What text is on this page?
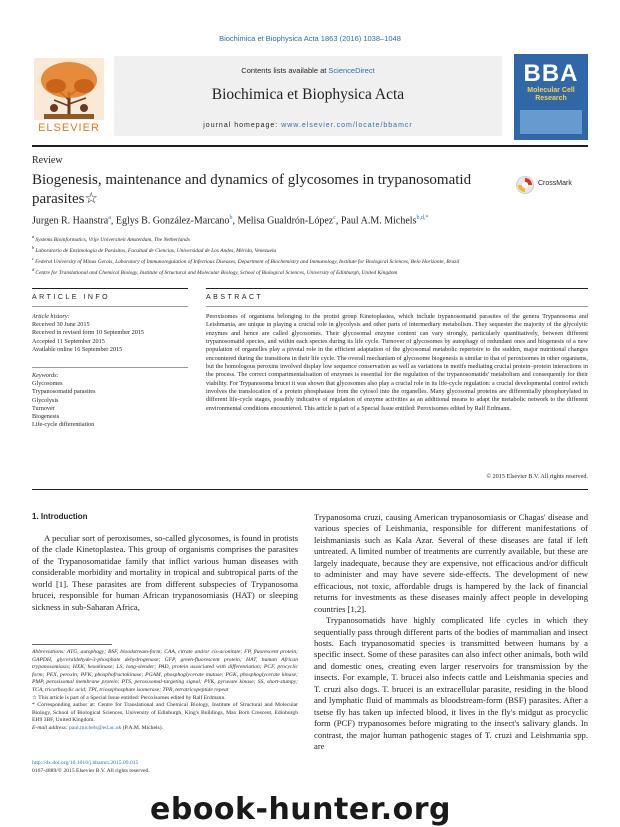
Biochimica et Biophysica Acta 1863 (2016) 1038–1048
ELSEVIER
Contents lists available at ScienceDirect
Biochimica et Biophysica Acta
journal homepage: www.elsevier.com/locate/bbamcr
BBA
Molecular Cell Research
Review
Biogenesis, maintenance and dynamics of glycosomes in trypanosomatid parasites☆
CrossMark
Jurgen R. Haanstra$^a$, Eglys B. González-Marcano$^b$, Melisa Gualdrón-López$^c$, Paul A.M. Michels$^{b,d,*}$
$^a$ Systems Bioinformatics, Vrije Universiteit Amsterdam, The Netherlands
$^b$ Laboratorio de Enzimología de Parásitos, Facultad de Ciencias, Universidad de Los Andes, Mérida, Venezuela
$^c$ Federal University of Minas Gerais, Laboratory of Immunoregulation of Infectious Diseases, Department of Biochemistry and Immunology, Institute for Biological Sciences, Belo Horizonte, Brazil
$^d$ Centre for Translational and Chemical Biology, Institute of Structural and Molecular Biology, School of Biological Sciences, University of Edinburgh, United Kingdom
ARTICLE INFO	ABSTRACT
Article history:
Received 30 June 2015
Received in revised form 10 September 2015
Accepted 11 September 2015
Available online 16 September 2015
Keywords:
Glycosomes
Trypanosomatid parasites
Glycolysis
Turnover
Biogenesis
Life-cycle differentiation
Peroxisomes of organisms belonging to the protist group Kinetoplastea, which include trypanosomatid parasites of the genera Trypanosoma and Leishmania, are unique in playing a crucial role in glycolysis and other parts of intermediary metabolism. They sequester the majority of the glycolytic enzymes and hence are called glycosomes. Their glycosomal enzyme content can vary strongly, particularly quantitatively, between different trypanosomatid species, and within each species during its life cycle. Turnover of glycosomes by autophagy of redundant ones and biogenesis of a new population of organelles play a pivotal role in the efficient adaptation of the glycosomal metabolic repertoire to the sudden, major nutritional changes encountered during the transitions in their life cycle. The overall mechanism of glycosome biogenesis is similar to that of peroxisomes in other organisms, but the homologous peroxins involved display low sequence conservation as well as variations in motifs mediating crucial protein–protein interactions in the process. The correct compartmentalisation of enzymes is essential for the regulation of the trypanosomatids' metabolism and consequently for their viability. For Trypanosoma brucei it was shown that glycosomes also play a crucial role in its life-cycle regulation: a crucial developmental control switch involves the translocation of a protein phosphatase from the cytosol into the organelles. Many glycosomal proteins are differentially phosphorylated in different life-cycle stages, possibly indicative of regulation of enzyme activities as an additional means to adapt the metabolic network to the different environmental conditions encountered. This article is part of a Special Issue entitled: Peroxisomes edited by Ralf Erdmann.
© 2015 Elsevier B.V. All rights reserved.
1. Introduction
A peculiar sort of peroxisomes, so-called glycosomes, is found in protists of the clade Kinetoplastea. This group of organisms comprises the parasites of the Trypanosomatidae family that inflict various human diseases with considerable morbidity and mortality in tropical and subtropical parts of the world [1]. These parasites are from different subspecies of Trypanosoma brucei, responsible for human African trypanosomiasis (HAT) or sleeping sickness in sub-Saharan Africa,
Trypanosoma cruzi, causing American trypanosomiasis or Chagas' disease and various species of Leishmania, responsible for different manifestations of leishmaniasis such as Kala Azar. Several of these diseases are fatal if left untreated. A limited number of treatments are currently available, but these are largely inadequate, because they are expensive, not efficacious and/or difficult to administer and may have severe side-effects. The development of new efficacious, not toxic, affordable drugs is hampered by the lack of financial returns for investments as these diseases mainly affect people in developing countries [1,2].
Trypanosomatids have highly complicated life cycles in which they sequentially pass through different parts of the bodies of mammalian and insect hosts. Each trypanosomatid species is transmitted between humans by a specific insect. Some of these parasites can also infect other animals, both wild and domestic ones, creating even larger reservoirs for transmission by the insects. For example, T. brucei also infects cattle and Leishmania species and T. cruzi also dogs. T. brucei is an extracellular parasite, residing in the blood and lymphatic fluid of mammals as bloodstream-form (BSF) parasites. After a tsetse fly has taken up infected blood, it lives in the fly's midgut as procyclic form (PCF) trypanosomes before migrating to the insect's salivary glands. In contrast, the major human pathogenic stages of T. cruzi and Leishmania spp. are
Abbreviations: ATG, autophagy; BSF, bloodstream-form; CAA, citrate and/or cis-aconitate; FP, fluorescent protein; GAPDH, glyceraldehyde-3-phosphate dehydrogenase; GFP, green-fluorescent protein; HAT, human African trypanosomiasis; HXK, hexokinase; LS, long-slender; PAD, protein associated with differentiation; PCF, procyclic form; PEX, peroxin; PFK, phosphofructokinase; PGAM, phosphoglycerate mutase; PGK, phosphoglycerate kinase; PMP, peroxisomal membrane protein; PTS, peroxisomal-targeting signal; PYK, pyruvate kinase; SS, short-stumpy; TCA, tricarboxylic acid; TPI, triosephosphate isomerase; TPR, tetratricopeptide repeat
☆ This article is part of a Special Issue entitled: Peroxisomes edited by Ralf Erdmann.
* Corresponding author at: Centre for Translational and Chemical Biology, Institute of Structural and Molecular Biology, School of Biological Sciences, University of Edinburgh, King's Buildings, Max Born Crescent, Edinburgh EH9 3BF, United Kingdom.
E-mail address: paul.michels@ed.ac.uk (P.A.M. Michels).
http://dx.doi.org/10.1016/j.bbamcr.2015.09.015
0167-4889/© 2015 Elsevier B.V. All rights reserved.
ebook-hunter.org
